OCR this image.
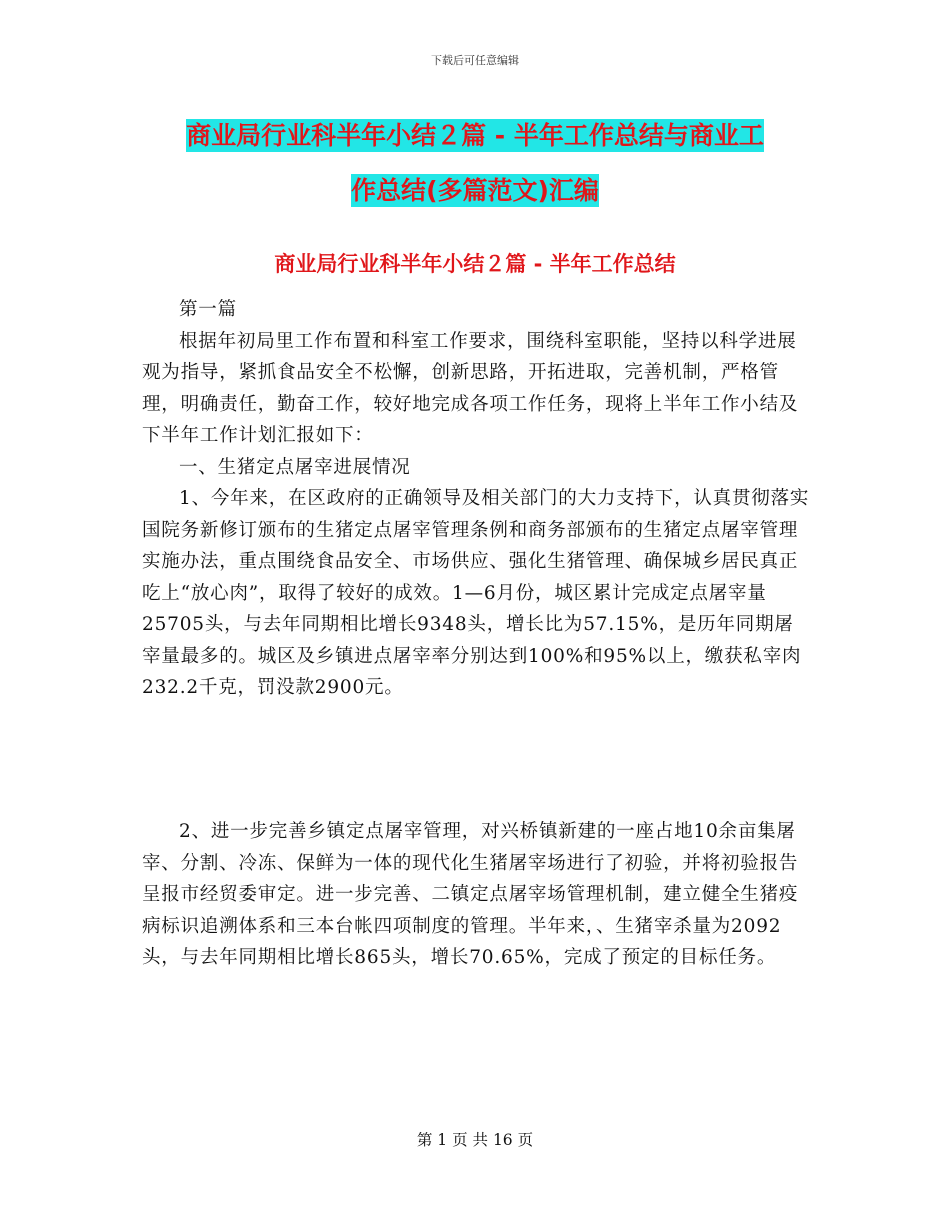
下载后可任意编辑
商业局行业科半年小结２篇 - 半年工作总结与商业工
作总结(多篇范文)汇编
商业局行业科半年小结２篇 - 半年工作总结

第一篇

根据年初局里工作布置和科室工作要求，围绕科室职能，坚持以科学进展观为指导，紧抓食品安全不松懈，创新思路，开拓进取，完善机制，严格管理，明确责任，勤奋工作，较好地完成各项工作任务，现将上半年工作小结及下半年工作计划汇报如下：

一、生猪定点屠宰进展情况

1、今年来，在区政府的正确领导及相关部门的大力支持下，认真贯彻落实国院务新修订颁布的生猪定点屠宰管理条例和商务部颁布的生猪定点屠宰管理实施办法，重点围绕食品安全、市场供应、强化生猪管理、确保城乡居民真正吃上“放心肉”，取得了较好的成效。1—6月份，城区累计完成定点屠宰量25705头，与去年同期相比增长9348头，增长比为57.15%，是历年同期屠宰量最多的。城区及乡镇进点屠宰率分别达到100%和95%以上，缴获私宰肉232.2千克，罚没款2900元。

2、进一步完善乡镇定点屠宰管理，对兴桥镇新建的一座占地10余亩集屠宰、分割、冷冻、保鲜为一体的现代化生猪屠宰场进行了初验，并将初验报告呈报市经贸委审定。进一步完善、二镇定点屠宰场管理机制，建立健全生猪疫病标识追溯体系和三本台帐四项制度的管理。半年来，、生猪宰杀量为2092头，与去年同期相比增长865头，增长70.65%，完成了预定的目标任务。

第 1 页 共 16 页
